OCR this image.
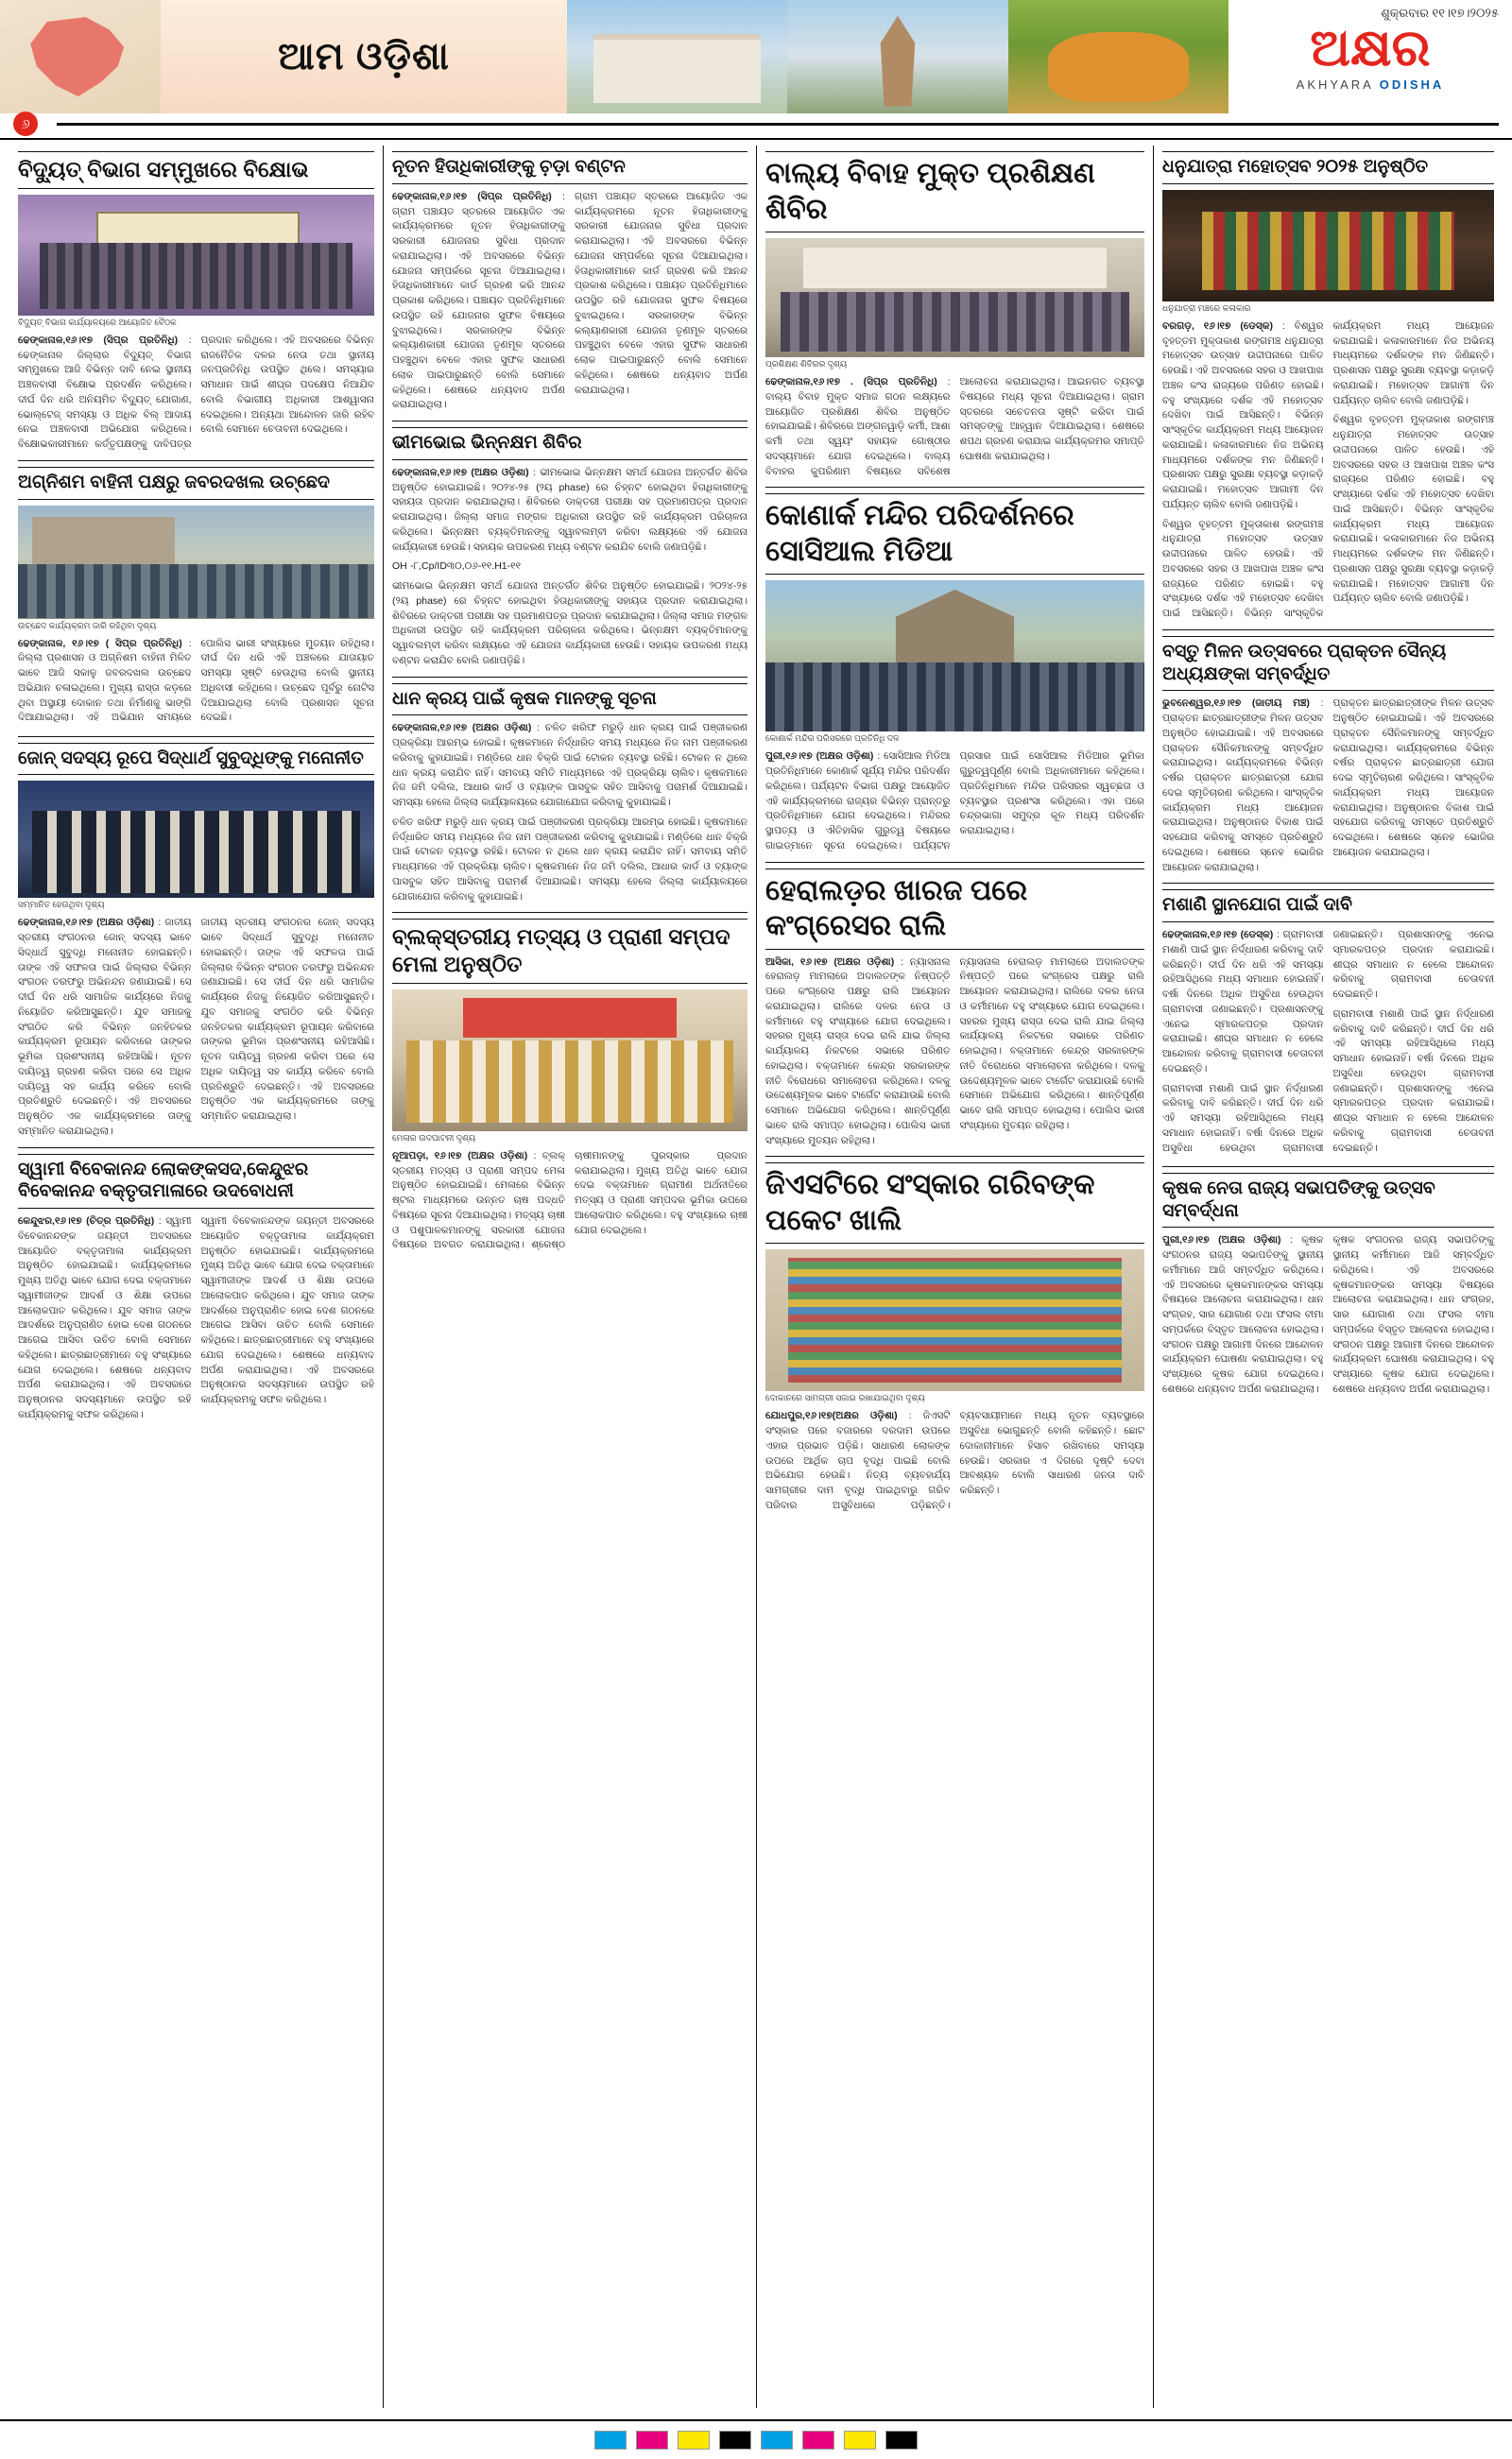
ଶୁକ୍ରବାର ୧୧।୧୭।୨୦୨୫
ଆମ ଓଡ଼ିଶା	ଅକ୍ଷର
AKHYARA ODISHA
୬
ବିଦ୍ୟୁତ୍‌ ବିଭାଗ ସମ୍ମୁଖରେ ବିକ୍ଷୋଭ
ବିଦ୍ୟୁତ୍‌ ବିଭାଗ କାର୍ଯ୍ୟାଳୟରେ ଆୟୋଜିତ ବୈଠକ

ଢେଙ୍କାନାଳ,୧୬।୧୭ (ସିପ୍ର ପ୍ରତିନିଧି) : ଢେଙ୍କାନାଳ ଜିଲ୍ଲାର ବିଦ୍ୟୁତ୍‌ ବିଭାଗ ସମ୍ମୁଖରେ ଆଜି ବିଭିନ୍ନ ଦାବି ନେଇ ସ୍ଥାନୀୟ ଅଞ୍ଚଳବାସୀ ବିକ୍ଷୋଭ ପ୍ରଦର୍ଶନ କରିଥିଲେ। ଦୀର୍ଘ ଦିନ ଧରି ଅନିୟମିତ ବିଦ୍ୟୁତ୍‌ ଯୋଗାଣ, ଭୋଲ୍ଟେଜ୍‌ ସମସ୍ୟା ଓ ଅଧିକ ବିଲ୍‌ ଆଦାୟ ନେଇ ଅଞ୍ଚଳବାସୀ ଅଭିଯୋଗ କରିଥିଲେ। ବିକ୍ଷୋଭକାରୀମାନେ କର୍ତ୍ତୃପକ୍ଷଙ୍କୁ ଦାବିପତ୍ର ପ୍ରଦାନ କରିଥିଲେ। ଏହି ଅବସରରେ ବିଭିନ୍ନ ରାଜନୈତିକ ଦଳର ନେତା ତଥା ସ୍ଥାନୀୟ ଜନପ୍ରତିନିଧି ଉପସ୍ଥିତ ଥିଲେ। ସମସ୍ୟାର ସମାଧାନ ପାଇଁ ଶୀଘ୍ର ପଦକ୍ଷେପ ନିଆଯିବ ବୋଲି ବିଭାଗୀୟ ଅଧିକାରୀ ଆଶ୍ୱାସନା ଦେଇଥିଲେ। ଅନ୍ୟଥା ଆନ୍ଦୋଳନ ଜାରି ରହିବ ବୋଲି ସେମାନେ ଚେତାବନୀ ଦେଇଥିଲେ।

ଅଗ୍ନିଶମ ବାହିନୀ ପକ୍ଷରୁ ଜବରଦଖଲ ଉଚ୍ଛେଦ
ଉଚ୍ଛେଦ କାର୍ଯ୍ୟକ୍ରମ ଜାରି ରହିଥିବା ଦୃଶ୍ୟ

ଢେଙ୍କାନାଳ, ୧୬।୧୭ ( ସିପ୍ର ପ୍ରତିନିଧି) : ଜିଲ୍ଲା ପ୍ରଶାସନ ଓ ଅଗ୍ନିଶମ ବାହିନୀ ମିଳିତ ଭାବେ ଆଜି ସକାଳୁ ଜବରଦଖଲ ଉଚ୍ଛେଦ ଅଭିଯାନ ଚଳାଇଥିଲେ। ମୁଖ୍ୟ ରାସ୍ତା କଡ଼ରେ ଥିବା ଅସ୍ଥାୟୀ ଦୋକାନ ତଥା ନିର୍ମାଣକୁ ଭାଙ୍ଗି ଦିଆଯାଇଥିଲା। ଏହି ଅଭିଯାନ ସମୟରେ ପୋଲିସ ଭାରୀ ସଂଖ୍ୟାରେ ମୁତୟନ ରହିଥିଲା। ଦୀର୍ଘ ଦିନ ଧରି ଏହି ଅଞ୍ଚଳରେ ଯାତାୟାତ ସମସ୍ୟା ସୃଷ୍ଟି ହେଉଥିଲା ବୋଲି ସ୍ଥାନୀୟ ଅଧିବାସୀ କହିଥିଲେ। ଉଚ୍ଛେଦ ପୂର୍ବରୁ ନୋଟିସ ଦିଆଯାଇଥିଲା ବୋଲି ପ୍ରଶାସନ ସୂଚନା ଦେଇଛି।

ଜୋନ୍‌ ସଦସ୍ୟ ରୂପେ ସିଦ୍ଧାର୍ଥ ସୁବୁଦ୍ଧିଙ୍କୁ ମନୋନୀତ
ସମ୍ମାନିତ ହେଉଥିବା ଦୃଶ୍ୟ

ଢେଙ୍କାନାଳ,୧୬।୧୭ (ଅକ୍ଷର ଓଡ଼ିଶା) : ଜାତୀୟ ସ୍ତରୀୟ ସଂଗଠନର ଜୋନ୍‌ ସଦସ୍ୟ ଭାବେ ସିଦ୍ଧାର୍ଥ ସୁବୁଦ୍ଧି ମନୋନୀତ ହୋଇଛନ୍ତି। ତାଙ୍କ ଏହି ସଫଳତା ପାଇଁ ଜିଲ୍ଲାର ବିଭିନ୍ନ ସଂଗଠନ ତରଫରୁ ଅଭିନନ୍ଦନ ଜଣାଯାଇଛି। ସେ ଦୀର୍ଘ ଦିନ ଧରି ସାମାଜିକ କାର୍ଯ୍ୟରେ ନିଜକୁ ନିୟୋଜିତ କରିଆସୁଛନ୍ତି। ଯୁବ ସମାଜକୁ ସଂଗଠିତ କରି ବିଭିନ୍ନ ଜନହିତକର କାର୍ଯ୍ୟକ୍ରମ ରୂପାୟନ କରିବାରେ ତାଙ୍କର ଭୂମିକା ପ୍ରଶଂସନୀୟ ରହିଆସିଛି। ନୂତନ ଦାୟିତ୍ୱ ଗ୍ରହଣ କରିବା ପରେ ସେ ଅଧିକ ଦାୟିତ୍ୱ ସହ କାର୍ଯ୍ୟ କରିବେ ବୋଲି ପ୍ରତିଶ୍ରୁତି ଦେଇଛନ୍ତି। ଏହି ଅବସରରେ ଅନୁଷ୍ଠିତ ଏକ କାର୍ଯ୍ୟକ୍ରମରେ ତାଙ୍କୁ ସମ୍ମାନିତ କରାଯାଇଥିଲା।

ଜାତୀୟ ସ୍ତରୀୟ ସଂଗଠନର ଜୋନ୍‌ ସଦସ୍ୟ ଭାବେ ସିଦ୍ଧାର୍ଥ ସୁବୁଦ୍ଧି ମନୋନୀତ ହୋଇଛନ୍ତି। ତାଙ୍କ ଏହି ସଫଳତା ପାଇଁ ଜିଲ୍ଲାର ବିଭିନ୍ନ ସଂଗଠନ ତରଫରୁ ଅଭିନନ୍ଦନ ଜଣାଯାଇଛି। ସେ ଦୀର୍ଘ ଦିନ ଧରି ସାମାଜିକ କାର୍ଯ୍ୟରେ ନିଜକୁ ନିୟୋଜିତ କରିଆସୁଛନ୍ତି। ଯୁବ ସମାଜକୁ ସଂଗଠିତ କରି ବିଭିନ୍ନ ଜନହିତକର କାର୍ଯ୍ୟକ୍ରମ ରୂପାୟନ କରିବାରେ ତାଙ୍କର ଭୂମିକା ପ୍ରଶଂସନୀୟ ରହିଆସିଛି। ନୂତନ ଦାୟିତ୍ୱ ଗ୍ରହଣ କରିବା ପରେ ସେ ଅଧିକ ଦାୟିତ୍ୱ ସହ କାର୍ଯ୍ୟ କରିବେ ବୋଲି ପ୍ରତିଶ୍ରୁତି ଦେଇଛନ୍ତି। ଏହି ଅବସରରେ ଅନୁଷ୍ଠିତ ଏକ କାର୍ଯ୍ୟକ୍ରମରେ ତାଙ୍କୁ ସମ୍ମାନିତ କରାଯାଇଥିଲା।

ସ୍ୱାମୀ ବିବେକାନନ୍ଦ ଲୋକଙ୍କସଦ,କେନ୍ଦୁଝର ବିବେକାନନ୍ଦ ବକ୍ତୃତାମାଳାରେ ଉଦବୋଧନୀ

କେନ୍ଦୁଝର,୧୬।୧୭ (ଚିତ୍ର ପ୍ରତିନିଧି) : ସ୍ୱାମୀ ବିବେକାନନ୍ଦଙ୍କ ଜୟନ୍ତୀ ଅବସରରେ ଆୟୋଜିତ ବକ୍ତୃତାମାଳା କାର୍ଯ୍ୟକ୍ରମ ଅନୁଷ୍ଠିତ ହୋଇଯାଇଛି। କାର୍ଯ୍ୟକ୍ରମରେ ମୁଖ୍ୟ ଅତିଥି ଭାବେ ଯୋଗ ଦେଇ ବକ୍ତାମାନେ ସ୍ୱାମୀଜୀଙ୍କ ଆଦର୍ଶ ଓ ଶିକ୍ଷା ଉପରେ ଆଲୋକପାତ କରିଥିଲେ। ଯୁବ ସମାଜ ତାଙ୍କ ଆଦର୍ଶରେ ଅନୁପ୍ରାଣିତ ହୋଇ ଦେଶ ଗଠନରେ ଆଗେଇ ଆସିବା ଉଚିତ ବୋଲି ସେମାନେ କହିଥିଲେ। ଛାତ୍ରଛାତ୍ରୀମାନେ ବହୁ ସଂଖ୍ୟାରେ ଯୋଗ ଦେଇଥିଲେ। ଶେଷରେ ଧନ୍ୟବାଦ ଅର୍ପଣ କରାଯାଇଥିଲା। ଏହି ଅବସରରେ ଅନୁଷ୍ଠାନର ସଦସ୍ୟମାନେ ଉପସ୍ଥିତ ରହି କାର୍ଯ୍ୟକ୍ରମକୁ ସଫଳ କରିଥିଲେ।

ସ୍ୱାମୀ ବିବେକାନନ୍ଦଙ୍କ ଜୟନ୍ତୀ ଅବସରରେ ଆୟୋଜିତ ବକ୍ତୃତାମାଳା କାର୍ଯ୍ୟକ୍ରମ ଅନୁଷ୍ଠିତ ହୋଇଯାଇଛି। କାର୍ଯ୍ୟକ୍ରମରେ ମୁଖ୍ୟ ଅତିଥି ଭାବେ ଯୋଗ ଦେଇ ବକ୍ତାମାନେ ସ୍ୱାମୀଜୀଙ୍କ ଆଦର୍ଶ ଓ ଶିକ୍ଷା ଉପରେ ଆଲୋକପାତ କରିଥିଲେ। ଯୁବ ସମାଜ ତାଙ୍କ ଆଦର୍ଶରେ ଅନୁପ୍ରାଣିତ ହୋଇ ଦେଶ ଗଠନରେ ଆଗେଇ ଆସିବା ଉଚିତ ବୋଲି ସେମାନେ କହିଥିଲେ। ଛାତ୍ରଛାତ୍ରୀମାନେ ବହୁ ସଂଖ୍ୟାରେ ଯୋଗ ଦେଇଥିଲେ। ଶେଷରେ ଧନ୍ୟବାଦ ଅର୍ପଣ କରାଯାଇଥିଲା। ଏହି ଅବସରରେ ଅନୁଷ୍ଠାନର ସଦସ୍ୟମାନେ ଉପସ୍ଥିତ ରହି କାର୍ଯ୍ୟକ୍ରମକୁ ସଫଳ କରିଥିଲେ।

ନୂତନ ହିତାଧିକାରୀଙ୍କୁ ଚ଼ଡ଼ା ବଣ୍ଟନ

ଢେଙ୍କାନାଳ,୧୬।୧୭ (ସିପ୍ର ପ୍ରତିନିଧି) : ଗ୍ରାମ ପଞ୍ଚାୟତ ସ୍ତରରେ ଆୟୋଜିତ ଏକ କାର୍ଯ୍ୟକ୍ରମରେ ନୂତନ ହିତାଧିକାରୀଙ୍କୁ ସରକାରୀ ଯୋଜନାର ସୁବିଧା ପ୍ରଦାନ କରାଯାଇଥିଲା। ଏହି ଅବସରରେ ବିଭିନ୍ନ ଯୋଜନା ସମ୍ପର୍କରେ ସୂଚନା ଦିଆଯାଇଥିଲା। ହିତାଧିକାରୀମାନେ କାର୍ଡ ଗ୍ରହଣ କରି ଆନନ୍ଦ ପ୍ରକାଶ କରିଥିଲେ। ପଞ୍ଚାୟତ ପ୍ରତିନିଧିମାନେ ଉପସ୍ଥିତ ରହି ଯୋଜନାର ସୁଫଳ ବିଷୟରେ ବୁଝାଇଥିଲେ। ସରକାରଙ୍କ ବିଭିନ୍ନ କଲ୍ୟାଣକାରୀ ଯୋଜନା ତୃଣମୂଳ ସ୍ତରରେ ପହଞ୍ଚୁଥିବା ବେଳେ ଏହାର ସୁଫଳ ସାଧାରଣ ଲୋକ ପାଇପାରୁଛନ୍ତି ବୋଲି ସେମାନେ କହିଥିଲେ। ଶେଷରେ ଧନ୍ୟବାଦ ଅର୍ପଣ କରାଯାଇଥିଲା।

ଗ୍ରାମ ପଞ୍ଚାୟତ ସ୍ତରରେ ଆୟୋଜିତ ଏକ କାର୍ଯ୍ୟକ୍ରମରେ ନୂତନ ହିତାଧିକାରୀଙ୍କୁ ସରକାରୀ ଯୋଜନାର ସୁବିଧା ପ୍ରଦାନ କରାଯାଇଥିଲା। ଏହି ଅବସରରେ ବିଭିନ୍ନ ଯୋଜନା ସମ୍ପର୍କରେ ସୂଚନା ଦିଆଯାଇଥିଲା। ହିତାଧିକାରୀମାନେ କାର୍ଡ ଗ୍ରହଣ କରି ଆନନ୍ଦ ପ୍ରକାଶ କରିଥିଲେ। ପଞ୍ଚାୟତ ପ୍ରତିନିଧିମାନେ ଉପସ୍ଥିତ ରହି ଯୋଜନାର ସୁଫଳ ବିଷୟରେ ବୁଝାଇଥିଲେ। ସରକାରଙ୍କ ବିଭିନ୍ନ କଲ୍ୟାଣକାରୀ ଯୋଜନା ତୃଣମୂଳ ସ୍ତରରେ ପହଞ୍ଚୁଥିବା ବେଳେ ଏହାର ସୁଫଳ ସାଧାରଣ ଲୋକ ପାଇପାରୁଛନ୍ତି ବୋଲି ସେମାନେ କହିଥିଲେ। ଶେଷରେ ଧନ୍ୟବାଦ ଅର୍ପଣ କରାଯାଇଥିଲା।

ଭୀମଭୋଇ ଭିନ୍ନକ୍ଷମ ଶିବିର

ଢେଙ୍କାନାଳ,୧୬।୧୭ (ଅକ୍ଷର ଓଡ଼ିଶା) : ଭୀମଭୋଇ ଭିନ୍ନକ୍ଷମ ସମର୍ଥ ଯୋଜନା ଅନ୍ତର୍ଗତ ଶିବିର ଅନୁଷ୍ଠିତ ହୋଇଯାଇଛି। ୨୦୨୪-୨୫ (୨ୟ phase) ରେ ଚିହ୍ନଟ ହୋଇଥିବା ହିତାଧିକାରୀଙ୍କୁ ସହାୟତା ପ୍ରଦାନ କରାଯାଇଥିଲା। ଶିବିରରେ ଡାକ୍ତରୀ ପରୀକ୍ଷା ସହ ପ୍ରମାଣପତ୍ର ପ୍ରଦାନ କରାଯାଇଥିଲା। ଜିଲ୍ଲା ସମାଜ ମଙ୍ଗଳ ଅଧିକାରୀ ଉପସ୍ଥିତ ରହି କାର୍ଯ୍ୟକ୍ରମ ପରିଚାଳନା କରିଥିଲେ। ଭିନ୍ନକ୍ଷମ ବ୍ୟକ୍ତିମାନଙ୍କୁ ସ୍ୱାବଲମ୍ବୀ କରିବା ଲକ୍ଷ୍ୟରେ ଏହି ଯୋଜନା କାର୍ଯ୍ୟକାରୀ ହେଉଛି। ସହାୟକ ଉପକରଣ ମଧ୍ୟ ବଣ୍ଟନ କରାଯିବ ବୋଲି ଜଣାପଡ଼ିଛି।

OH -୮,Cp/ID୩୦,୦୬-୧୧.H1-୧୧

ଭୀମଭୋଇ ଭିନ୍ନକ୍ଷମ ସମର୍ଥ ଯୋଜନା ଅନ୍ତର୍ଗତ ଶିବିର ଅନୁଷ୍ଠିତ ହୋଇଯାଇଛି। ୨୦୨୪-୨୫ (୨ୟ phase) ରେ ଚିହ୍ନଟ ହୋଇଥିବା ହିତାଧିକାରୀଙ୍କୁ ସହାୟତା ପ୍ରଦାନ କରାଯାଇଥିଲା। ଶିବିରରେ ଡାକ୍ତରୀ ପରୀକ୍ଷା ସହ ପ୍ରମାଣପତ୍ର ପ୍ରଦାନ କରାଯାଇଥିଲା। ଜିଲ୍ଲା ସମାଜ ମଙ୍ଗଳ ଅଧିକାରୀ ଉପସ୍ଥିତ ରହି କାର୍ଯ୍ୟକ୍ରମ ପରିଚାଳନା କରିଥିଲେ। ଭିନ୍ନକ୍ଷମ ବ୍ୟକ୍ତିମାନଙ୍କୁ ସ୍ୱାବଲମ୍ବୀ କରିବା ଲକ୍ଷ୍ୟରେ ଏହି ଯୋଜନା କାର୍ଯ୍ୟକାରୀ ହେଉଛି। ସହାୟକ ଉପକରଣ ମଧ୍ୟ ବଣ୍ଟନ କରାଯିବ ବୋଲି ଜଣାପଡ଼ିଛି।

ଧାନ କ୍ରୟ ପାଇଁ କୃଷକ ମାନଙ୍କୁ ସୂଚନା

ଢେଙ୍କାନାଳ,୧୬।୧୭ (ଅକ୍ଷର ଓଡ଼ିଶା) : ଚଳିତ ଖରିଫ ମରୁଡ଼ି ଧାନ କ୍ରୟ ପାଇଁ ପଞ୍ଜୀକରଣ ପ୍ରକ୍ରିୟା ଆରମ୍ଭ ହୋଇଛି। କୃଷକମାନେ ନିର୍ଦ୍ଧାରିତ ସମୟ ମଧ୍ୟରେ ନିଜ ନାମ ପଞ୍ଜୀକରଣ କରିବାକୁ କୁହାଯାଇଛି। ମଣ୍ଡିରେ ଧାନ ବିକ୍ରି ପାଇଁ ଟୋକନ ବ୍ୟବସ୍ଥା ରହିଛି। ଟୋକନ ନ ଥିଲେ ଧାନ କ୍ରୟ କରାଯିବ ନାହିଁ। ସମବାୟ ସମିତି ମାଧ୍ୟମରେ ଏହି ପ୍ରକ୍ରିୟା ଚାଲିବ। କୃଷକମାନେ ନିଜ ଜମି ଦଲିଲ, ଆଧାର କାର୍ଡ ଓ ବ୍ୟାଙ୍କ ପାସବୁକ ସହିତ ଆସିବାକୁ ପରାମର୍ଶ ଦିଆଯାଇଛି। ସମସ୍ୟା ହେଲେ ଜିଲ୍ଲା କାର୍ଯ୍ୟାଳୟରେ ଯୋଗାଯୋଗ କରିବାକୁ କୁହାଯାଇଛି।

ଚଳିତ ଖରିଫ ମରୁଡ଼ି ଧାନ କ୍ରୟ ପାଇଁ ପଞ୍ଜୀକରଣ ପ୍ରକ୍ରିୟା ଆରମ୍ଭ ହୋଇଛି। କୃଷକମାନେ ନିର୍ଦ୍ଧାରିତ ସମୟ ମଧ୍ୟରେ ନିଜ ନାମ ପଞ୍ଜୀକରଣ କରିବାକୁ କୁହାଯାଇଛି। ମଣ୍ଡିରେ ଧାନ ବିକ୍ରି ପାଇଁ ଟୋକନ ବ୍ୟବସ୍ଥା ରହିଛି। ଟୋକନ ନ ଥିଲେ ଧାନ କ୍ରୟ କରାଯିବ ନାହିଁ। ସମବାୟ ସମିତି ମାଧ୍ୟମରେ ଏହି ପ୍ରକ୍ରିୟା ଚାଲିବ। କୃଷକମାନେ ନିଜ ଜମି ଦଲିଲ, ଆଧାର କାର୍ଡ ଓ ବ୍ୟାଙ୍କ ପାସବୁକ ସହିତ ଆସିବାକୁ ପରାମର୍ଶ ଦିଆଯାଇଛି। ସମସ୍ୟା ହେଲେ ଜିଲ୍ଲା କାର୍ଯ୍ୟାଳୟରେ ଯୋଗାଯୋଗ କରିବାକୁ କୁହାଯାଇଛି।

ବ୍ଲକ୍‌ସ୍ତରୀୟ ମତ୍ସ୍ୟ ଓ ପ୍ରାଣୀ ସମ୍ପଦ ମେଳା ଅନୁଷ୍ଠିତ
ମେଳାର ଉଦଘାଟନୀ ଦୃଶ୍ୟ

ନୂଆପଡ଼ା, ୧୬।୧୭ (ଅକ୍ଷର ଓଡ଼ିଶା) : ବ୍ଲକ୍‌ ସ୍ତରୀୟ ମତ୍ସ୍ୟ ଓ ପ୍ରାଣୀ ସମ୍ପଦ ମେଳା ଅନୁଷ୍ଠିତ ହୋଇଯାଇଛି। ମେଳାରେ ବିଭିନ୍ନ ଷ୍ଟଲ ମାଧ୍ୟମରେ ଉନ୍ନତ ଚାଷ ପଦ୍ଧତି ବିଷୟରେ ସୂଚନା ଦିଆଯାଇଥିଲା। ମତ୍ସ୍ୟ ଚାଷୀ ଓ ପଶୁପାଳକମାନଙ୍କୁ ସରକାରୀ ଯୋଜନା ବିଷୟରେ ଅବଗତ କରାଯାଇଥିଲା। ଶ୍ରେଷ୍ଠ ଚାଷୀମାନଙ୍କୁ ପୁରସ୍କାର ପ୍ରଦାନ କରାଯାଇଥିଲା। ମୁଖ୍ୟ ଅତିଥି ଭାବେ ଯୋଗ ଦେଇ ବକ୍ତାମାନେ ଗ୍ରାମୀଣ ଅର୍ଥନୀତିରେ ମତ୍ସ୍ୟ ଓ ପ୍ରାଣୀ ସମ୍ପଦର ଭୂମିକା ଉପରେ ଆଲୋକପାତ କରିଥିଲେ। ବହୁ ସଂଖ୍ୟାରେ ଚାଷୀ ଯୋଗ ଦେଇଥିଲେ।

ବାଲ୍ୟ ବିବାହ ମୁକ୍ତ ପ୍ରଶିକ୍ଷଣ ଶିବିର
ପ୍ରଶିକ୍ଷଣ ଶିବିରର ଦୃଶ୍ୟ

ଢେଙ୍କାନାଳ,୧୬।୧୭ . (ସିପ୍ର ପ୍ରତିନିଧି) : ବାଲ୍ୟ ବିବାହ ମୁକ୍ତ ସମାଜ ଗଠନ ଲକ୍ଷ୍ୟରେ ଆୟୋଜିତ ପ୍ରଶିକ୍ଷଣ ଶିବିର ଅନୁଷ୍ଠିତ ହୋଇଯାଇଛି। ଶିବିରରେ ଅଙ୍ଗନୱାଡ଼ି କର୍ମୀ, ଆଶା କର୍ମୀ ତଥା ସ୍ୱୟଂ ସହାୟକ ଗୋଷ୍ଠୀର ସଦସ୍ୟମାନେ ଯୋଗ ଦେଇଥିଲେ। ବାଲ୍ୟ ବିବାହର କୁପରିଣାମ ବିଷୟରେ ସବିଶେଷ ଆଲୋଚନା କରାଯାଇଥିଲା। ଆଇନଗତ ବ୍ୟବସ୍ଥା ବିଷୟରେ ମଧ୍ୟ ସୂଚନା ଦିଆଯାଇଥିଲା। ଗ୍ରାମ ସ୍ତରରେ ସଚେତନତା ସୃଷ୍ଟି କରିବା ପାଇଁ ସମସ୍ତଙ୍କୁ ଆହ୍ୱାନ ଦିଆଯାଇଥିଲା। ଶେଷରେ ଶପଥ ଗ୍ରହଣ କରାଯାଇ କାର୍ଯ୍ୟକ୍ରମର ସମାପ୍ତି ଘୋଷଣା କରାଯାଇଥିଲା।

କୋଣାର୍କ ମନ୍ଦିର ପରିଦର୍ଶନରେ ସୋସିଆଲ ମିଡିଆ
କୋଣାର୍କ ମନ୍ଦିର ପରିସରରେ ପ୍ରତିନିଧି ଦଳ

ପୁରୀ,୧୬।୧୭ (ଅକ୍ଷର ଓଡ଼ିଶା) : ସୋସିଆଲ ମିଡିଆ ପ୍ରତିନିଧିମାନେ କୋଣାର୍କ ସୂର୍ଯ୍ୟ ମନ୍ଦିର ପରିଦର୍ଶନ କରିଥିଲେ। ପର୍ଯ୍ୟଟନ ବିଭାଗ ପକ୍ଷରୁ ଆୟୋଜିତ ଏହି କାର୍ଯ୍ୟକ୍ରମରେ ରାଜ୍ୟର ବିଭିନ୍ନ ପ୍ରାନ୍ତରୁ ପ୍ରତିନିଧିମାନେ ଯୋଗ ଦେଇଥିଲେ। ମନ୍ଦିରର ସ୍ଥାପତ୍ୟ ଓ ଐତିହାସିକ ଗୁରୁତ୍ୱ ବିଷୟରେ ଗାଇଡ୍‌ମାନେ ସୂଚନା ଦେଇଥିଲେ। ପର୍ଯ୍ୟଟନ ପ୍ରସାର ପାଇଁ ସୋସିଆଲ ମିଡିଆର ଭୂମିକା ଗୁରୁତ୍ୱପୂର୍ଣ୍ଣ ବୋଲି ଅଧିକାରୀମାନେ କହିଥିଲେ। ପ୍ରତିନିଧିମାନେ ମନ୍ଦିର ପରିସରର ସ୍ୱଚ୍ଛତା ଓ ବ୍ୟବସ୍ଥାର ପ୍ରଶଂସା କରିଥିଲେ। ଏହା ପରେ ଚନ୍ଦ୍ରଭାଗା ସମୁଦ୍ର କୂଳ ମଧ୍ୟ ପରିଦର୍ଶନ କରାଯାଇଥିଲା।

ହେରାଲଡ଼ର ଖାରଜ ପରେ କଂଗ୍ରେସର ରାଲି

ଆସିକା, ୧୬।୧୭ (ଅକ୍ଷର ଓଡ଼ିଶା) : ନ୍ୟାସନାଲ ହେରାଲଡ଼ ମାମଲାରେ ଅଦାଲତଙ୍କ ନିଷ୍ପତ୍ତି ପରେ କଂଗ୍ରେସ ପକ୍ଷରୁ ରାଲି ଆୟୋଜନ କରାଯାଇଥିଲା। ରାଲିରେ ଦଳର ନେତା ଓ କର୍ମୀମାନେ ବହୁ ସଂଖ୍ୟାରେ ଯୋଗ ଦେଇଥିଲେ। ସହରର ମୁଖ୍ୟ ରାସ୍ତା ଦେଇ ରାଲି ଯାଇ ଜିଲ୍ଲା କାର୍ଯ୍ୟାଳୟ ନିକଟରେ ସଭାରେ ପରିଣତ ହୋଇଥିଲା। ବକ୍ତାମାନେ କେନ୍ଦ୍ର ସରକାରଙ୍କ ନୀତି ବିରୋଧରେ ସମାଲୋଚନା କରିଥିଲେ। ଦଳକୁ ଉଦ୍ଦେଶ୍ୟମୂଳକ ଭାବେ ଟାର୍ଗେଟ କରାଯାଉଛି ବୋଲି ସେମାନେ ଅଭିଯୋଗ କରିଥିଲେ। ଶାନ୍ତିପୂର୍ଣ୍ଣ ଭାବେ ରାଲି ସମାପ୍ତ ହୋଇଥିଲା। ପୋଲିସ ଭାରୀ ସଂଖ୍ୟାରେ ମୁତୟନ ରହିଥିଲା।

ନ୍ୟାସନାଲ ହେରାଲଡ଼ ମାମଲାରେ ଅଦାଲତଙ୍କ ନିଷ୍ପତ୍ତି ପରେ କଂଗ୍ରେସ ପକ୍ଷରୁ ରାଲି ଆୟୋଜନ କରାଯାଇଥିଲା। ରାଲିରେ ଦଳର ନେତା ଓ କର୍ମୀମାନେ ବହୁ ସଂଖ୍ୟାରେ ଯୋଗ ଦେଇଥିଲେ। ସହରର ମୁଖ୍ୟ ରାସ୍ତା ଦେଇ ରାଲି ଯାଇ ଜିଲ୍ଲା କାର୍ଯ୍ୟାଳୟ ନିକଟରେ ସଭାରେ ପରିଣତ ହୋଇଥିଲା। ବକ୍ତାମାନେ କେନ୍ଦ୍ର ସରକାରଙ୍କ ନୀତି ବିରୋଧରେ ସମାଲୋଚନା କରିଥିଲେ। ଦଳକୁ ଉଦ୍ଦେଶ୍ୟମୂଳକ ଭାବେ ଟାର୍ଗେଟ କରାଯାଉଛି ବୋଲି ସେମାନେ ଅଭିଯୋଗ କରିଥିଲେ। ଶାନ୍ତିପୂର୍ଣ୍ଣ ଭାବେ ରାଲି ସମାପ୍ତ ହୋଇଥିଲା। ପୋଲିସ ଭାରୀ ସଂଖ୍ୟାରେ ମୁତୟନ ରହିଥିଲା।

ଜିଏସଟିରେ ସଂସ୍କାର ଗରିବଙ୍କ ପକେଟ ଖାଲି
ଦୋକାନରେ ସାମଗ୍ରୀ ସଜାଇ ରଖାଯାଇଥିବା ଦୃଶ୍ୟ

ଯୋଧପୁର,୧୬।୧୭(ଅକ୍ଷର ଓଡ଼ିଶା) : ଜିଏସଟି ସଂସ୍କାର ପରେ ବଜାରରେ ଦରଦାମ ଉପରେ ଏହାର ପ୍ରଭାବ ପଡ଼ିଛି। ସାଧାରଣ ଲୋକଙ୍କ ଉପରେ ଆର୍ଥିକ ଚାପ ବୃଦ୍ଧି ପାଇଛି ବୋଲି ଅଭିଯୋଗ ହେଉଛି। ନିତ୍ୟ ବ୍ୟବହାର୍ଯ୍ୟ ସାମଗ୍ରୀର ଦାମ ବୃଦ୍ଧି ପାଇଥିବାରୁ ଗରିବ ପରିବାର ଅସୁବିଧାରେ ପଡ଼ିଛନ୍ତି। ବ୍ୟବସାୟୀମାନେ ମଧ୍ୟ ନୂତନ ବ୍ୟବସ୍ଥାରେ ଅସୁବିଧା ଭୋଗୁଛନ୍ତି ବୋଲି କହିଛନ୍ତି। ଛୋଟ ଦୋକାନୀମାନେ ହିସାବ ରଖିବାରେ ସମସ୍ୟା ହେଉଛି। ସରକାର ଏ ଦିଗରେ ଦୃଷ୍ଟି ଦେବା ଆବଶ୍ୟକ ବୋଲି ସାଧାରଣ ଜନତା ଦାବି କରିଛନ୍ତି।

ଧନୁଯାତ୍ରା ମହୋତ୍ସବ ୨୦୨୫ ଅନୁଷ୍ଠିତ
ଧନୁଯାତ୍ରା ମଞ୍ଚରେ କଳାକାର

ବରଗଡ଼, ୧୬।୧୭ (ଡେସ୍କ) : ବିଶ୍ୱର ବୃହତ୍ତମ ମୁକ୍ତାକାଶ ରଙ୍ଗମଞ୍ଚ ଧନୁଯାତ୍ରା ମହୋତ୍ସବ ଉତ୍ସାହ ଉଦ୍ଦୀପନାରେ ପାଳିତ ହେଉଛି। ଏହି ଅବସରରେ ସହର ଓ ଆଖପାଖ ଅଞ୍ଚଳ କଂସ ରାଜ୍ୟରେ ପରିଣତ ହୋଇଛି। ବହୁ ସଂଖ୍ୟାରେ ଦର୍ଶକ ଏହି ମହୋତ୍ସବ ଦେଖିବା ପାଇଁ ଆସିଛନ୍ତି। ବିଭିନ୍ନ ସାଂସ୍କୃତିକ କାର୍ଯ୍ୟକ୍ରମ ମଧ୍ୟ ଆୟୋଜନ କରାଯାଇଛି। କଳାକାରମାନେ ନିଜ ଅଭିନୟ ମାଧ୍ୟମରେ ଦର୍ଶକଙ୍କ ମନ ଜିଣିଛନ୍ତି। ପ୍ରଶାସନ ପକ୍ଷରୁ ସୁରକ୍ଷା ବ୍ୟବସ୍ଥା କଡ଼ାକଡ଼ି କରାଯାଇଛି। ମହୋତ୍ସବ ଆଗାମୀ ଦିନ ପର୍ଯ୍ୟନ୍ତ ଚାଲିବ ବୋଲି ଜଣାପଡ଼ିଛି।

ବିଶ୍ୱର ବୃହତ୍ତମ ମୁକ୍ତାକାଶ ରଙ୍ଗମଞ୍ଚ ଧନୁଯାତ୍ରା ମହୋତ୍ସବ ଉତ୍ସାହ ଉଦ୍ଦୀପନାରେ ପାଳିତ ହେଉଛି। ଏହି ଅବସରରେ ସହର ଓ ଆଖପାଖ ଅଞ୍ଚଳ କଂସ ରାଜ୍ୟରେ ପରିଣତ ହୋଇଛି। ବହୁ ସଂଖ୍ୟାରେ ଦର୍ଶକ ଏହି ମହୋତ୍ସବ ଦେଖିବା ପାଇଁ ଆସିଛନ୍ତି। ବିଭିନ୍ନ ସାଂସ୍କୃତିକ କାର୍ଯ୍ୟକ୍ରମ ମଧ୍ୟ ଆୟୋଜନ କରାଯାଇଛି। କଳାକାରମାନେ ନିଜ ଅଭିନୟ ମାଧ୍ୟମରେ ଦର୍ଶକଙ୍କ ମନ ଜିଣିଛନ୍ତି। ପ୍ରଶାସନ ପକ୍ଷରୁ ସୁରକ୍ଷା ବ୍ୟବସ୍ଥା କଡ଼ାକଡ଼ି କରାଯାଇଛି। ମହୋତ୍ସବ ଆଗାମୀ ଦିନ ପର୍ଯ୍ୟନ୍ତ ଚାଲିବ ବୋଲି ଜଣାପଡ଼ିଛି।

ବିଶ୍ୱର ବୃହତ୍ତମ ମୁକ୍ତାକାଶ ରଙ୍ଗମଞ୍ଚ ଧନୁଯାତ୍ରା ମହୋତ୍ସବ ଉତ୍ସାହ ଉଦ୍ଦୀପନାରେ ପାଳିତ ହେଉଛି। ଏହି ଅବସରରେ ସହର ଓ ଆଖପାଖ ଅଞ୍ଚଳ କଂସ ରାଜ୍ୟରେ ପରିଣତ ହୋଇଛି। ବହୁ ସଂଖ୍ୟାରେ ଦର୍ଶକ ଏହି ମହୋତ୍ସବ ଦେଖିବା ପାଇଁ ଆସିଛନ୍ତି। ବିଭିନ୍ନ ସାଂସ୍କୃତିକ କାର୍ଯ୍ୟକ୍ରମ ମଧ୍ୟ ଆୟୋଜନ କରାଯାଇଛି। କଳାକାରମାନେ ନିଜ ଅଭିନୟ ମାଧ୍ୟମରେ ଦର୍ଶକଙ୍କ ମନ ଜିଣିଛନ୍ତି। ପ୍ରଶାସନ ପକ୍ଷରୁ ସୁରକ୍ଷା ବ୍ୟବସ୍ଥା କଡ଼ାକଡ଼ି କରାଯାଇଛି। ମହୋତ୍ସବ ଆଗାମୀ ଦିନ ପର୍ଯ୍ୟନ୍ତ ଚାଲିବ ବୋଲି ଜଣାପଡ଼ିଛି।

ବସ୍ତୁ ମିଳନ ଉତ୍ସବରେ ପ୍ରାକ୍ତନ ସୈନ୍ୟ ଅଧ୍ୟକ୍ଷଙ୍କା ସମ୍ବର୍ଦ୍ଧିତ

ଭୁବନେଶ୍ୱର,୧୬।୧୭ (ଜାତୀୟ ମଞ୍ଚ) : ପ୍ରାକ୍ତନ ଛାତ୍ରଛାତ୍ରୀଙ୍କ ମିଳନ ଉତ୍ସବ ଅନୁଷ୍ଠିତ ହୋଇଯାଇଛି। ଏହି ଅବସରରେ ପ୍ରାକ୍ତନ ସୈନିକମାନଙ୍କୁ ସମ୍ବର୍ଦ୍ଧିତ କରାଯାଇଥିଲା। କାର୍ଯ୍ୟକ୍ରମରେ ବିଭିନ୍ନ ବର୍ଷର ପ୍ରାକ୍ତନ ଛାତ୍ରଛାତ୍ରୀ ଯୋଗ ଦେଇ ସ୍ମୃତିଚାରଣ କରିଥିଲେ। ସାଂସ୍କୃତିକ କାର୍ଯ୍ୟକ୍ରମ ମଧ୍ୟ ଆୟୋଜନ କରାଯାଇଥିଲା। ଅନୁଷ୍ଠାନର ବିକାଶ ପାଇଁ ସହଯୋଗ କରିବାକୁ ସମସ୍ତେ ପ୍ରତିଶ୍ରୁତି ଦେଇଥିଲେ। ଶେଷରେ ସ୍ନେହ ଭୋଜିର ଆୟୋଜନ କରାଯାଇଥିଲା।

ପ୍ରାକ୍ତନ ଛାତ୍ରଛାତ୍ରୀଙ୍କ ମିଳନ ଉତ୍ସବ ଅନୁଷ୍ଠିତ ହୋଇଯାଇଛି। ଏହି ଅବସରରେ ପ୍ରାକ୍ତନ ସୈନିକମାନଙ୍କୁ ସମ୍ବର୍ଦ୍ଧିତ କରାଯାଇଥିଲା। କାର୍ଯ୍ୟକ୍ରମରେ ବିଭିନ୍ନ ବର୍ଷର ପ୍ରାକ୍ତନ ଛାତ୍ରଛାତ୍ରୀ ଯୋଗ ଦେଇ ସ୍ମୃତିଚାରଣ କରିଥିଲେ। ସାଂସ୍କୃତିକ କାର୍ଯ୍ୟକ୍ରମ ମଧ୍ୟ ଆୟୋଜନ କରାଯାଇଥିଲା। ଅନୁଷ୍ଠାନର ବିକାଶ ପାଇଁ ସହଯୋଗ କରିବାକୁ ସମସ୍ତେ ପ୍ରତିଶ୍ରୁତି ଦେଇଥିଲେ। ଶେଷରେ ସ୍ନେହ ଭୋଜିର ଆୟୋଜନ କରାଯାଇଥିଲା।

ମଶାଣି ସ୍ଥାନଯୋଗ ପାଇଁ ଦାବି

ଢେଙ୍କାନାଳ,୧୬।୧୭ (ଡେସ୍କ) : ଗ୍ରାମବାସୀ ମଶାଣି ପାଇଁ ସ୍ଥାନ ନିର୍ଦ୍ଧାରଣ କରିବାକୁ ଦାବି କରିଛନ୍ତି। ଦୀର୍ଘ ଦିନ ଧରି ଏହି ସମସ୍ୟା ରହିଆସିଥିଲେ ମଧ୍ୟ ସମାଧାନ ହୋଇନାହିଁ। ବର୍ଷା ଦିନରେ ଅଧିକ ଅସୁବିଧା ହେଉଥିବା ଗ୍ରାମବାସୀ ଜଣାଇଛନ୍ତି। ପ୍ରଶାସନଙ୍କୁ ଏନେଇ ସ୍ମାରକପତ୍ର ପ୍ରଦାନ କରାଯାଇଛି। ଶୀଘ୍ର ସମାଧାନ ନ ହେଲେ ଆନ୍ଦୋଳନ କରିବାକୁ ଗ୍ରାମବାସୀ ଚେତାବନୀ ଦେଇଛନ୍ତି।

ଗ୍ରାମବାସୀ ମଶାଣି ପାଇଁ ସ୍ଥାନ ନିର୍ଦ୍ଧାରଣ କରିବାକୁ ଦାବି କରିଛନ୍ତି। ଦୀର୍ଘ ଦିନ ଧରି ଏହି ସମସ୍ୟା ରହିଆସିଥିଲେ ମଧ୍ୟ ସମାଧାନ ହୋଇନାହିଁ। ବର୍ଷା ଦିନରେ ଅଧିକ ଅସୁବିଧା ହେଉଥିବା ଗ୍ରାମବାସୀ ଜଣାଇଛନ୍ତି। ପ୍ରଶାସନଙ୍କୁ ଏନେଇ ସ୍ମାରକପତ୍ର ପ୍ରଦାନ କରାଯାଇଛି। ଶୀଘ୍ର ସମାଧାନ ନ ହେଲେ ଆନ୍ଦୋଳନ କରିବାକୁ ଗ୍ରାମବାସୀ ଚେତାବନୀ ଦେଇଛନ୍ତି।

ଗ୍ରାମବାସୀ ମଶାଣି ପାଇଁ ସ୍ଥାନ ନିର୍ଦ୍ଧାରଣ କରିବାକୁ ଦାବି କରିଛନ୍ତି। ଦୀର୍ଘ ଦିନ ଧରି ଏହି ସମସ୍ୟା ରହିଆସିଥିଲେ ମଧ୍ୟ ସମାଧାନ ହୋଇନାହିଁ। ବର୍ଷା ଦିନରେ ଅଧିକ ଅସୁବିଧା ହେଉଥିବା ଗ୍ରାମବାସୀ ଜଣାଇଛନ୍ତି। ପ୍ରଶାସନଙ୍କୁ ଏନେଇ ସ୍ମାରକପତ୍ର ପ୍ରଦାନ କରାଯାଇଛି। ଶୀଘ୍ର ସମାଧାନ ନ ହେଲେ ଆନ୍ଦୋଳନ କରିବାକୁ ଗ୍ରାମବାସୀ ଚେତାବନୀ ଦେଇଛନ୍ତି।

କୃଷକ ନେତା ରାଜ୍ୟ ସଭାପତିଙ୍କୁ ଉତ୍ସବ ସମ୍ବର୍ଦ୍ଧନା

ପୁରୀ,୧୬।୧୭ (ଅକ୍ଷର ଓଡ଼ିଶା) : କୃଷକ ସଂଗଠନର ରାଜ୍ୟ ସଭାପତିଙ୍କୁ ସ୍ଥାନୀୟ କର୍ମୀମାନେ ଆଜି ସମ୍ବର୍ଦ୍ଧିତ କରିଥିଲେ। ଏହି ଅବସରରେ କୃଷକମାନଙ୍କର ସମସ୍ୟା ବିଷୟରେ ଆଲୋଚନା କରାଯାଇଥିଲା। ଧାନ ସଂଗ୍ରହ, ସାର ଯୋଗାଣ ତଥା ଫସଲ ବୀମା ସମ୍ପର୍କରେ ବିସ୍ତୃତ ଆଲୋଚନା ହୋଇଥିଲା। ସଂଗଠନ ପକ୍ଷରୁ ଆଗାମୀ ଦିନରେ ଆନ୍ଦୋଳନ କାର୍ଯ୍ୟକ୍ରମ ଘୋଷଣା କରାଯାଇଥିଲା। ବହୁ ସଂଖ୍ୟାରେ କୃଷକ ଯୋଗ ଦେଇଥିଲେ। ଶେଷରେ ଧନ୍ୟବାଦ ଅର୍ପଣ କରାଯାଇଥିଲା।

କୃଷକ ସଂଗଠନର ରାଜ୍ୟ ସଭାପତିଙ୍କୁ ସ୍ଥାନୀୟ କର୍ମୀମାନେ ଆଜି ସମ୍ବର୍ଦ୍ଧିତ କରିଥିଲେ। ଏହି ଅବସରରେ କୃଷକମାନଙ୍କର ସମସ୍ୟା ବିଷୟରେ ଆଲୋଚନା କରାଯାଇଥିଲା। ଧାନ ସଂଗ୍ରହ, ସାର ଯୋଗାଣ ତଥା ଫସଲ ବୀମା ସମ୍ପର୍କରେ ବିସ୍ତୃତ ଆଲୋଚନା ହୋଇଥିଲା। ସଂଗଠନ ପକ୍ଷରୁ ଆଗାମୀ ଦିନରେ ଆନ୍ଦୋଳନ କାର୍ଯ୍ୟକ୍ରମ ଘୋଷଣା କରାଯାଇଥିଲା। ବହୁ ସଂଖ୍ୟାରେ କୃଷକ ଯୋଗ ଦେଇଥିଲେ। ଶେଷରେ ଧନ୍ୟବାଦ ଅର୍ପଣ କରାଯାଇଥିଲା।
